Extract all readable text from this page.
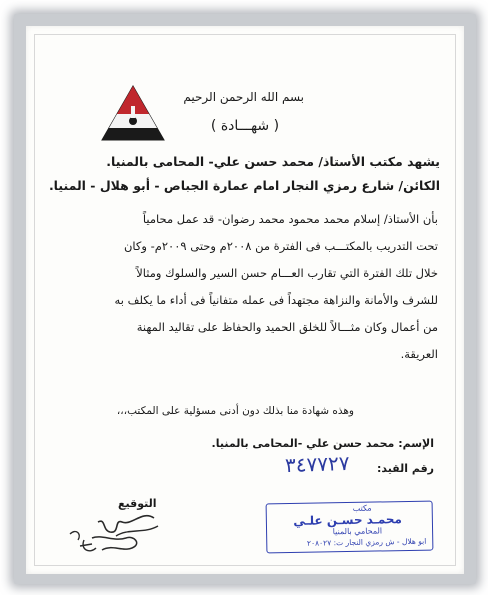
بسم الله الرحمن الرحيم
( شهـــادة )
يشهد مكتب الأستاذ/ محمد حسن علي- المحامى بالمنيا.
الكائن/ شارع رمزي النجار امام عمارة الجباص - أبو هلال - المنيا.
بأن الأستاذ/ إسلام محمد محمود محمد رضوان- قد عمل محامياً
تحت التدريب بالمكتـــب فى الفترة من ٢٠٠٨م وحتى ٢٠٠٩م- وكان
خلال تلك الفترة التي تقارب العـــام حسن السير والسلوك ومثالاً
للشرف والأمانة والنزاهة مجتهداً فى عمله متفانياً فى أداء ما يكلف به
من أعمال وكان مثـــالاً للخلق الحميد والحفاظ على تقاليد المهنة
العريقة.
وهذه شهادة منا بذلك دون أدنى مسؤلية على المكتب،،،
الإسم: محمد حسن علي -المحامى بالمنيا.
رقم القيد:
٣٤٧٧٢٧
التوقيع	مكتب
محمـد حسـن علـي
المحامي بالمنيا
ابو هلال - ش رمزي النجار ت: ٢٠٨٠٢٧
